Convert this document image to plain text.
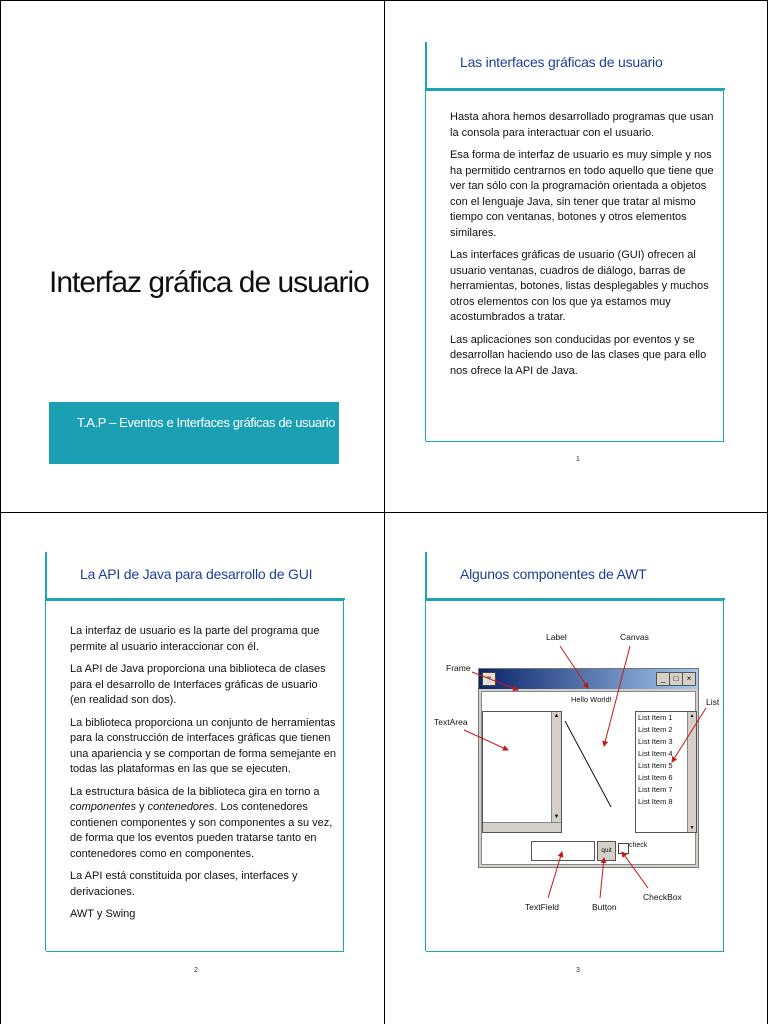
Interfaz gráfica de usuario
T.A.P – Eventos e Interfaces gráficas de usuario
Las interfaces gráficas de usuario

Hasta ahora hemos desarrollado programas que usan la consola para interactuar con el usuario.

Esa forma de interfaz de usuario es muy simple y nos ha permitido centrarnos en todo aquello que tiene que ver tan sólo con la programación orientada a objetos con el lenguaje Java, sin tener que tratar al mismo tiempo con ventanas, botones y otros elementos similares.

Las interfaces gráficas de usuario (GUI) ofrecen al usuario ventanas, cuadros de diálogo, barras de herramientas, botones, listas desplegables y muchos otros elementos con los que ya estamos muy acostumbrados a tratar.

Las aplicaciones son conducidas por eventos y se desarrollan haciendo uso de las clases que para ello nos ofrece la API de Java.

1
La API de Java para desarrollo de GUI

La interfaz de usuario es la parte del programa que permite al usuario interaccionar con él.

La API de Java proporciona una biblioteca de clases para el desarrollo de Interfaces gráficas de usuario (en realidad son dos).

La biblioteca proporciona un conjunto de herramientas para la construcción de interfaces gráficas que tienen una apariencia y se comportan de forma semejante en todas las plataformas en las que se ejecuten.

La estructura básica de la biblioteca gira en torno a componentes y contenedores. Los contenedores contienen componentes y son componentes a su vez, de forma que los eventos pueden tratarse tanto en contenedores como en componentes.

La API está constituida por clases, interfaces y derivaciones.

AWT y Swing

2
Algunos componentes de AWT
☕	_	□	×
Hello World!
▲
▼
List Item 1
List Item 2
List Item 3
List Item 4
List Item 5
List Item 6
List Item 7
List Item 8
▲
▼
quit
check
Label	Canvas
Frame
List
TextArea
TextField	Button
CheckBox
3
